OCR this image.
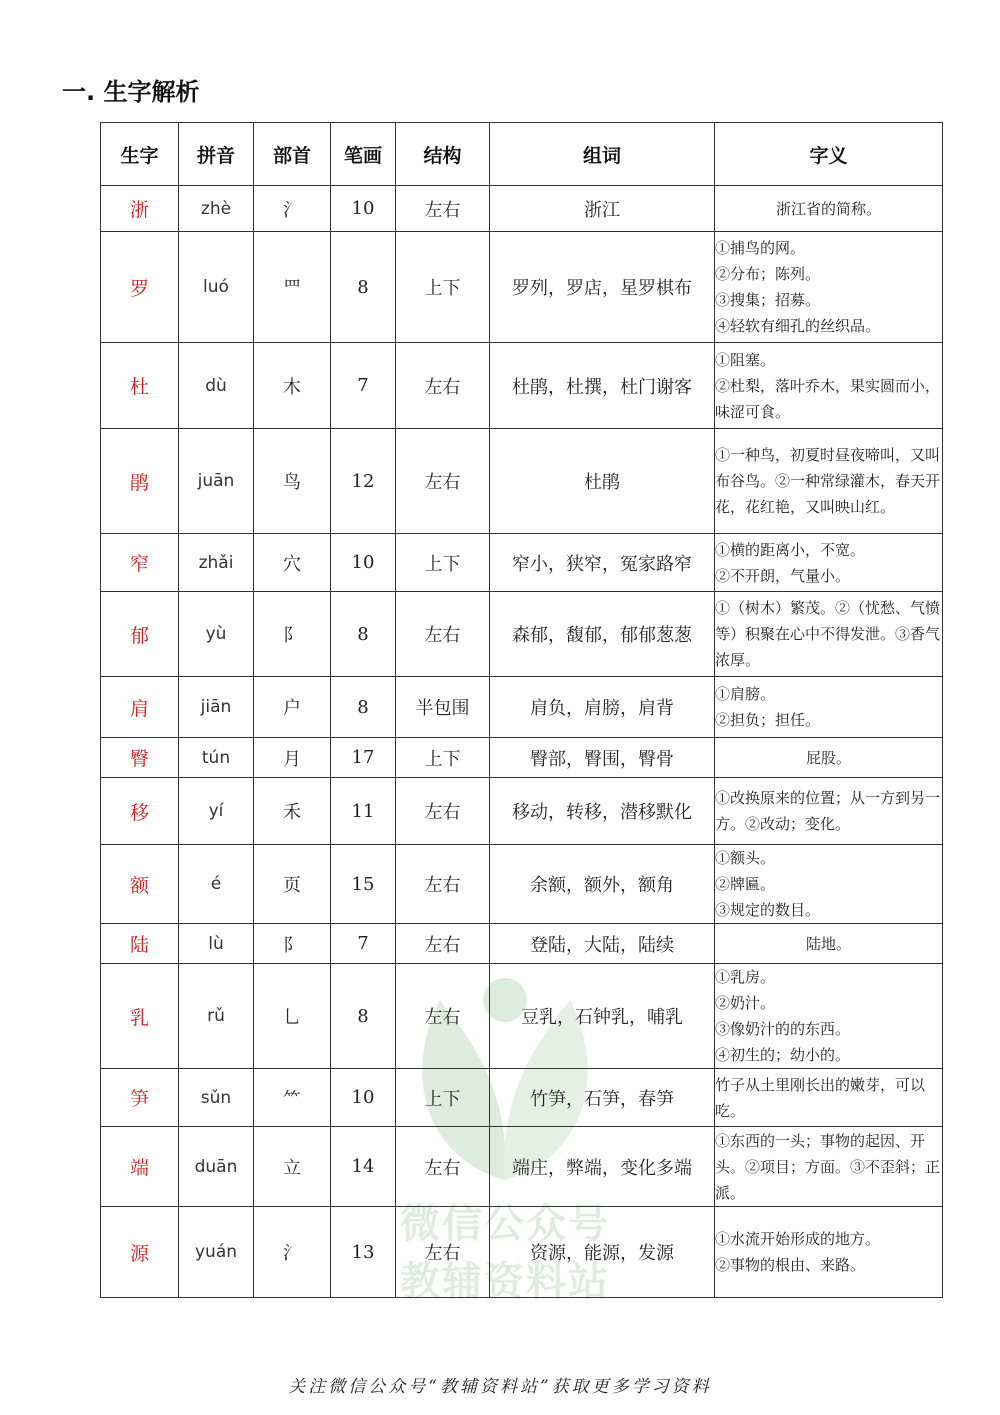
一. 生字解析
微信公众号
教辅资料站
生字	拼音	部首	笔画	结构	组词	字义
浙	zhè	氵	10	左右	浙江	浙江省的简称。

罗	luó	罒	8	上下	罗列，罗店，星罗棋布	①捕鸟的网。
②分布；陈列。
③搜集；招募。
④轻软有细孔的丝织品。

杜	dù	木	7	左右	杜鹃，杜撰，杜门谢客	①阻塞。
②杜梨，落叶乔木，果实圆而小，味涩可食。

鹃	juān	鸟	12	左右	杜鹃	①一种鸟，初夏时昼夜啼叫，又叫布谷鸟。②一种常绿灌木，春天开花，花红艳，又叫映山红。

窄	zhǎi	穴	10	上下	窄小，狭窄，冤家路窄	①横的距离小，不宽。
②不开朗，气量小。

郁	yù	阝	8	左右	森郁，馥郁，郁郁葱葱	①（树木）繁茂。②（忧愁、气愤等）积聚在心中不得发泄。③香气浓厚。

肩	jiān	户	8	半包围	肩负，肩膀，肩背	①肩膀。
②担负；担任。

臀	tún	月	17	上下	臀部，臀围，臀骨	屁股。

移	yí	禾	11	左右	移动，转移，潜移默化	①改换原来的位置；从一方到另一方。②改动；变化。

额	é	页	15	左右	余额，额外，额角	①额头。
②牌匾。
③规定的数目。

陆	lù	阝	7	左右	登陆，大陆，陆续	陆地。

乳	rǔ	乚	8	左右	豆乳，石钟乳，哺乳	①乳房。
②奶汁。
③像奶汁的的东西。
④初生的；幼小的。

笋	sǔn	⺮	10	上下	竹笋，石笋，春笋	竹子从土里刚长出的嫩芽，可以吃。

端	duān	立	14	左右	端庄，弊端，变化多端	①东西的一头；事物的起因、开头。②项目；方面。③不歪斜；正派。

源	yuán	氵	13	左右	资源，能源，发源	①水流开始形成的地方。
②事物的根由、来路。
关注微信公众号“教辅资料站”获取更多学习资料
